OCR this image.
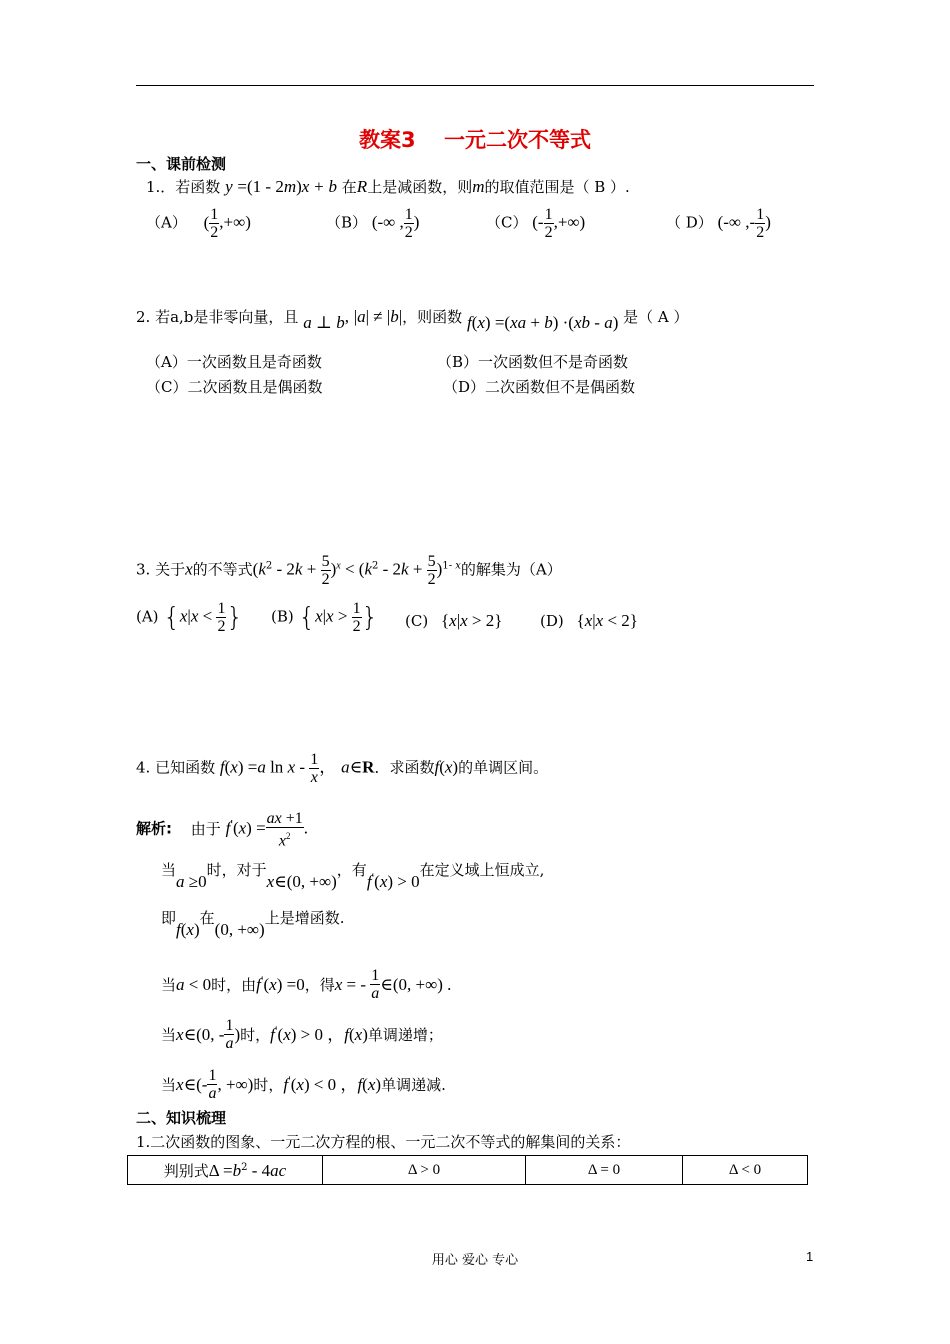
教案3　 一元二次不等式
一、课前检测
1.．若函数 y =(1 - 2m)x + b 在R上是减函数，则m的取值范围是（ B ）.
（A） ( $\frac{1}{2}$ ,+∞)	（B） (-∞ , $\frac{1}{2}$ )	（C） (- $\frac{1}{2}$ ,+∞)	（ D） (-∞ ,- $\frac{1}{2}$ )
2. 若a,b是非零向量，且 a ⊥ b, |a| ≠ |b|，则函数 f(x) =(xa + b) ·(xb - a) 是（ A ）
（A）一次函数且是奇函数	（B）一次函数但不是奇函数
（C）二次函数且是偶函数	（D）二次函数但不是偶函数
3. 关于x的不等式$(k^2 - 2k + \frac{5}{2} )^x < (k^2 - 2k + \frac{5}{2} )^{1- x}$的解集为（A）
(A) {$x|x < \frac{1}{2}$ } (B) {$x|x > \frac{1}{2}$ } (C) {x|x > 2}	(D) {x|x < 2}
4. 已知函数 f(x) =a ln x - $\frac{1}{x}$ ， a∈R．求函数f(x)的单调区间。
解析: 由于 $f'(x) = \frac{ax +1}{x^2}$ .
当a ≥0时，对于x∈(0, +∞)，有f′(x) > 0在定义域上恒成立,
即f(x)在(0, +∞)上是增函数.
当a < 0时，由f′(x) =0，得x = - $\frac{1}{a}$ ∈(0, +∞) .
当x∈(0, - $\frac{1}{a}$ )时，f′(x) > 0 ，f(x)单调递增；
当x∈(- $\frac{1}{a}$ , +∞)时，f′(x) < 0 ，f(x)单调递减.
二、知识梳理
1.二次函数的图象、一元二次方程的根、一元二次不等式的解集间的关系：
判别式$\Delta =b^2 - 4ac$	Δ > 0	Δ = 0	Δ < 0
用心 爱心 专心	1
